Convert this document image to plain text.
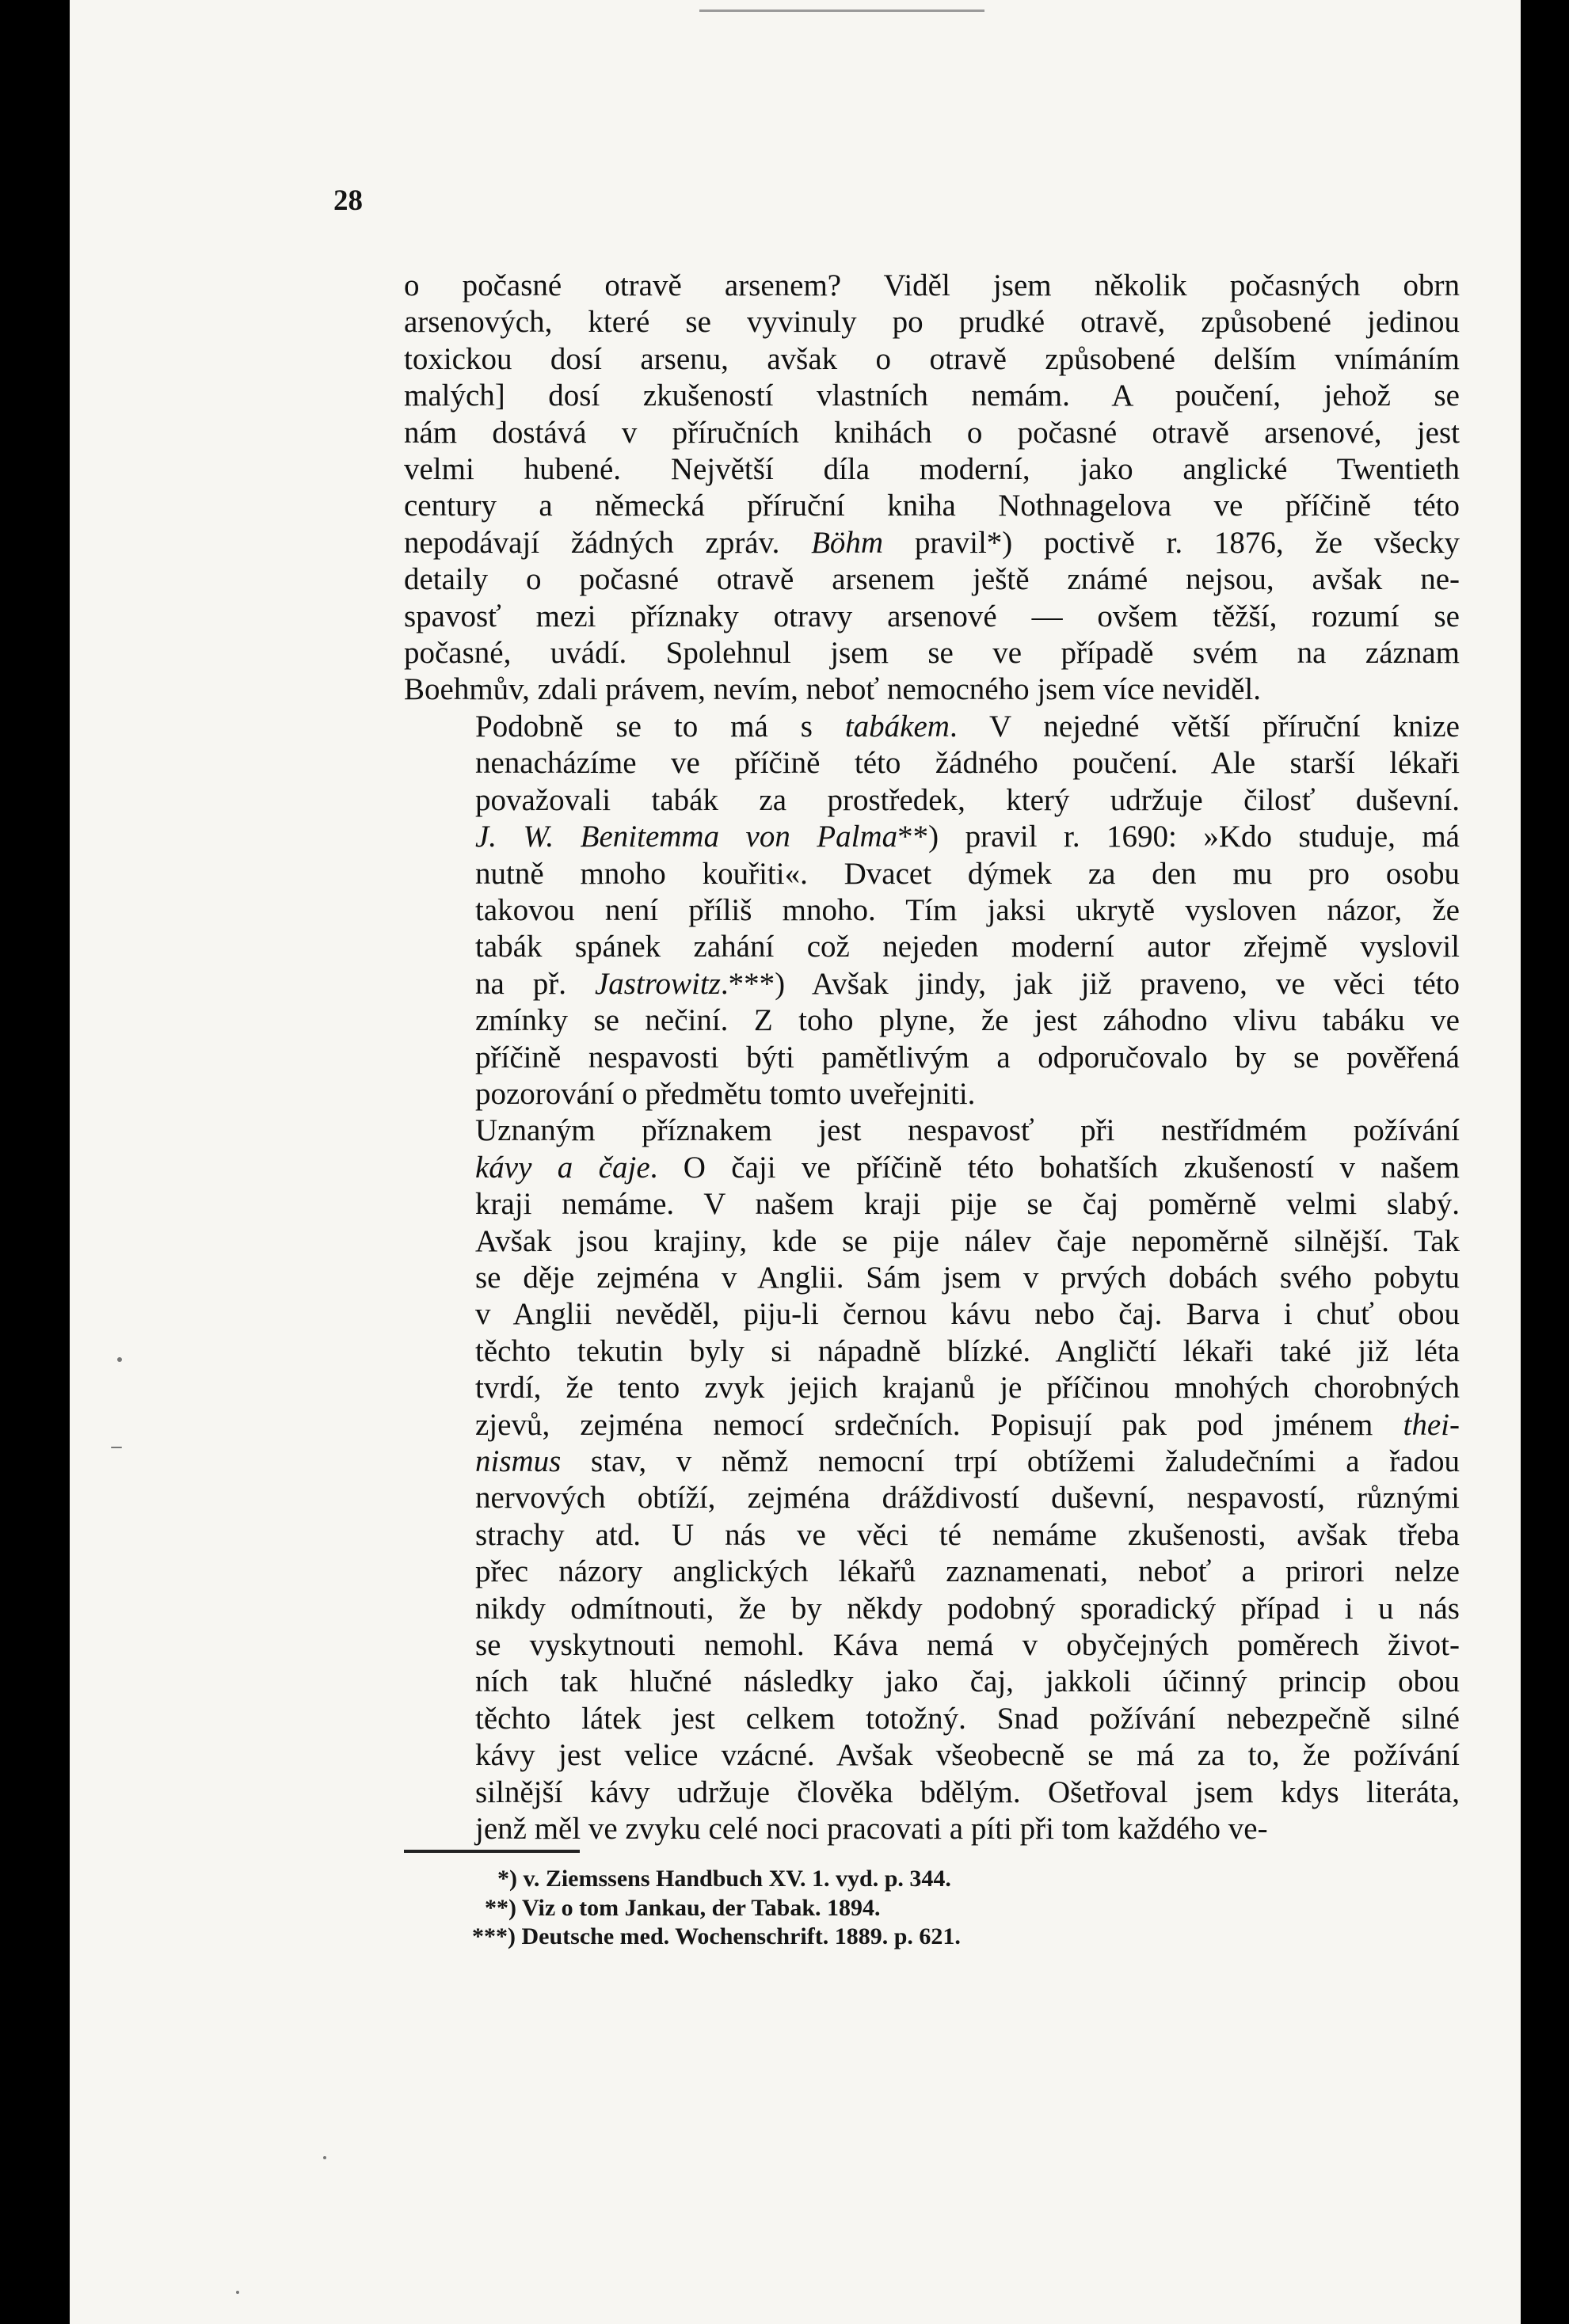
28

o počasné otravě arsenem? Viděl jsem několik počasných obrn
arsenových, které se vyvinuly po prudké otravě, způsobené jedinou
toxickou dosí arsenu, avšak o otravě způsobené delším vnímáním
malých] dosí zkušeností vlastních nemám. A poučení, jehož se
nám dostává v příručních knihách o počasné otravě arsenové, jest
velmi hubené. Největší díla moderní, jako anglické Twentieth
century a německá příruční kniha Nothnagelova ve příčině této
nepodávají žádných zpráv. Böhm pravil*) poctivě r. 1876, že všecky
detaily o počasné otravě arsenem ještě známé nejsou, avšak ne-
spavosť mezi příznaky otravy arsenové — ovšem těžší, rozumí se
počasné, uvádí. Spolehnul jsem se ve případě svém na záznam
Boehmův, zdali právem, nevím, neboť nemocného jsem více neviděl.
Podobně se to má s tabákem. V nejedné větší příruční knize
nenacházíme ve příčině této žádného poučení. Ale starší lékaři
považovali tabák za prostředek, který udržuje čilosť duševní.
J. W. Benitemma von Palma**) pravil r. 1690: »Kdo studuje, má
nutně mnoho kouřiti«. Dvacet dýmek za den mu pro osobu
takovou není příliš mnoho. Tím jaksi ukrytě vysloven názor, že
tabák spánek zahání což nejeden moderní autor zřejmě vyslovil
na př. Jastrowitz.***) Avšak jindy, jak již praveno, ve věci této
zmínky se nečiní. Z toho plyne, že jest záhodno vlivu tabáku ve
příčině nespavosti býti pamětlivým a odporučovalo by se pověřená
pozorování o předmětu tomto uveřejniti.
Uznaným příznakem jest nespavosť při nestřídmém požívání
kávy a čaje. O čaji ve příčině této bohatších zkušeností v našem
kraji nemáme. V našem kraji pije se čaj poměrně velmi slabý.
Avšak jsou krajiny, kde se pije nálev čaje nepoměrně silnější. Tak
se děje zejména v Anglii. Sám jsem v prvých dobách svého pobytu
v Anglii nevěděl, piju-li černou kávu nebo čaj. Barva i chuť obou
těchto tekutin byly si nápadně blízké. Angličtí lékaři také již léta
tvrdí, že tento zvyk jejich krajanů je příčinou mnohých chorobných
zjevů, zejména nemocí srdečních. Popisují pak pod jménem thei-
nismus stav, v němž nemocní trpí obtížemi žaludečními a řadou
nervových obtíží, zejména dráždivostí duševní, nespavostí, různými
strachy atd. U nás ve věci té nemáme zkušenosti, avšak třeba
přec názory anglických lékařů zaznamenati, neboť a prirori nelze
nikdy odmítnouti, že by někdy podobný sporadický případ i u nás
se vyskytnouti nemohl. Káva nemá v obyčejných poměrech život-
ních tak hlučné následky jako čaj, jakkoli účinný princip obou
těchto látek jest celkem totožný. Snad požívání nebezpečně silné
kávy jest velice vzácné. Avšak všeobecně se má za to, že požívání
silnější kávy udržuje člověka bdělým. Ošetřoval jsem kdys literáta,
jenž měl ve zvyku celé noci pracovati a píti při tom každého ve-
*) v. Ziemssens Handbuch XV. 1. vyd. p. 344.
**) Viz o tom Jankau, der Tabak. 1894.
***) Deutsche med. Wochenschrift. 1889. p. 621.
